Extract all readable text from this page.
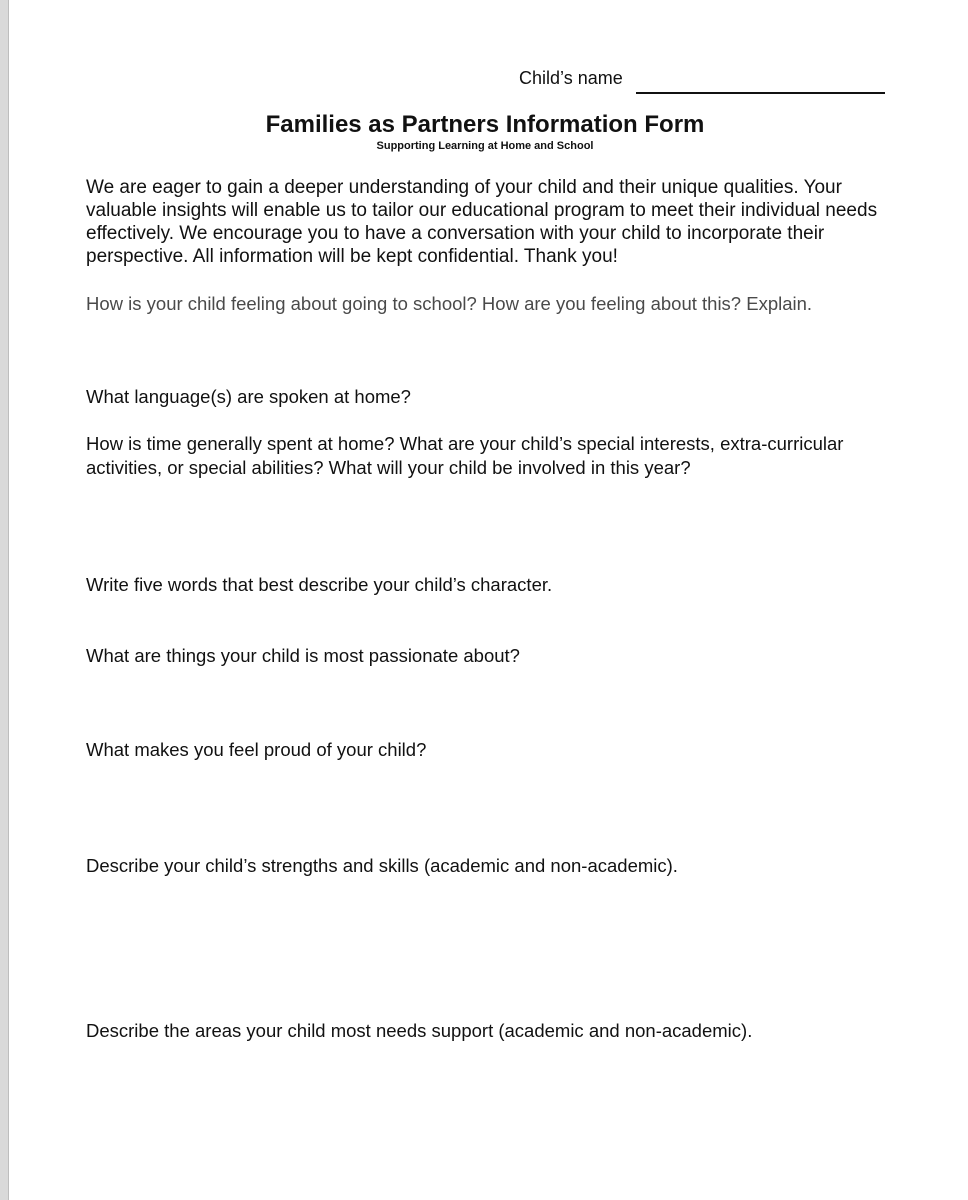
Child’s name
Families as Partners Information Form
Supporting Learning at Home and School
We are eager to gain a deeper understanding of your child and their unique qualities. Your valuable insights will enable us to tailor our educational program to meet their individual needs effectively. We encourage you to have a conversation with your child to incorporate their perspective. All information will be kept confidential. Thank you!
How is your child feeling about going to school? How are you feeling about this? Explain.
What language(s) are spoken at home?
How is time generally spent at home? What are your child’s special interests, extra-curricular activities, or special abilities? What will your child be involved in this year?
Write five words that best describe your child’s character.
What are things your child is most passionate about?
What makes you feel proud of your child?
Describe your child’s strengths and skills (academic and non-academic).
Describe the areas your child most needs support (academic and non-academic).
